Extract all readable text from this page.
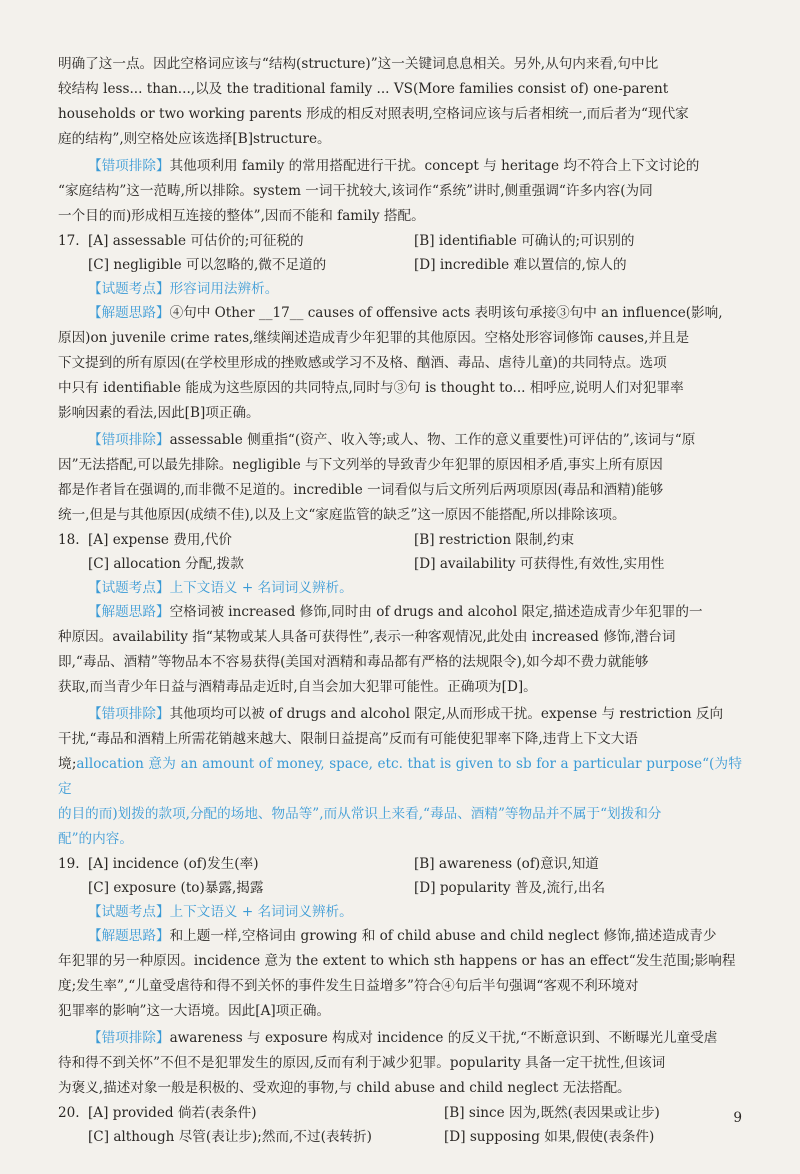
明确了这一点。因此空格词应该与“结构(structure)”这一关键词息息相关。另外,从句内来看,句中比

较结构 less... than...,以及 the traditional family ... VS(More families consist of) one-parent

households or two working parents 形成的相反对照表明,空格词应该与后者相统一,而后者为“现代家

庭的结构”,则空格处应该选择[B]structure。

【错项排除】其他项利用 family 的常用搭配进行干扰。concept 与 heritage 均不符合上下文讨论的

“家庭结构”这一范畴,所以排除。system 一词干扰较大,该词作“系统”讲时,侧重强调“许多内容(为同

一个目的而)形成相互连接的整体”,因而不能和 family 搭配。

17. [A] assessable 可估价的;可征税的	[B] identifiable 可确认的;可识别的
[C] negligible 可以忽略的,微不足道的	[D] incredible 难以置信的,惊人的

【试题考点】形容词用法辨析。

【解题思路】④句中 Other __17__ causes of offensive acts 表明该句承接③句中 an influence(影响,

原因)on juvenile crime rates,继续阐述造成青少年犯罪的其他原因。空格处形容词修饰 causes,并且是

下文提到的所有原因(在学校里形成的挫败感或学习不及格、酗酒、毒品、虐待儿童)的共同特点。选项

中只有 identifiable 能成为这些原因的共同特点,同时与③句 is thought to... 相呼应,说明人们对犯罪率

影响因素的看法,因此[B]项正确。

【错项排除】assessable 侧重指“(资产、收入等;或人、物、工作的意义重要性)可评估的”,该词与“原

因”无法搭配,可以最先排除。negligible 与下文列举的导致青少年犯罪的原因相矛盾,事实上所有原因

都是作者旨在强调的,而非微不足道的。incredible 一词看似与后文所列后两项原因(毒品和酒精)能够

统一,但是与其他原因(成绩不佳),以及上文“家庭监管的缺乏”这一原因不能搭配,所以排除该项。

18. [A] expense 费用,代价	[B] restriction 限制,约束
[C] allocation 分配,拨款	[D] availability 可获得性,有效性,实用性

【试题考点】上下文语义 + 名词词义辨析。

【解题思路】空格词被 increased 修饰,同时由 of drugs and alcohol 限定,描述造成青少年犯罪的一

种原因。availability 指“某物或某人具备可获得性”,表示一种客观情况,此处由 increased 修饰,潜台词

即,“毒品、酒精”等物品本不容易获得(美国对酒精和毒品都有严格的法规限令),如今却不费力就能够

获取,而当青少年日益与酒精毒品走近时,自当会加大犯罪可能性。正确项为[D]。

【错项排除】其他项均可以被 of drugs and alcohol 限定,从而形成干扰。expense 与 restriction 反向

干扰,“毒品和酒精上所需花销越来越大、限制日益提高”反而有可能使犯罪率下降,违背上下文大语

境;allocation 意为 an amount of money, space, etc. that is given to sb for a particular purpose“(为特定

的目的而)划拨的款项,分配的场地、物品等”,而从常识上来看,“毒品、酒精”等物品并不属于“划拨和分

配”的内容。

19. [A] incidence (of)发生(率)	[B] awareness (of)意识,知道
[C] exposure (to)暴露,揭露	[D] popularity 普及,流行,出名

【试题考点】上下文语义 + 名词词义辨析。

【解题思路】和上题一样,空格词由 growing 和 of child abuse and child neglect 修饰,描述造成青少

年犯罪的另一种原因。incidence 意为 the extent to which sth happens or has an effect“发生范围;影响程

度;发生率”,“儿童受虐待和得不到关怀的事件发生日益增多”符合④句后半句强调“客观不利环境对

犯罪率的影响”这一大语境。因此[A]项正确。

【错项排除】awareness 与 exposure 构成对 incidence 的反义干扰,“不断意识到、不断曝光儿童受虐

待和得不到关怀”不但不是犯罪发生的原因,反而有利于减少犯罪。popularity 具备一定干扰性,但该词

为褒义,描述对象一般是积极的、受欢迎的事物,与 child abuse and child neglect 无法搭配。

20. [A] provided 倘若(表条件)	[B] since 因为,既然(表因果或让步)
[C] although 尽管(表让步);然而,不过(表转折)	[D] supposing 如果,假使(表条件)
9
